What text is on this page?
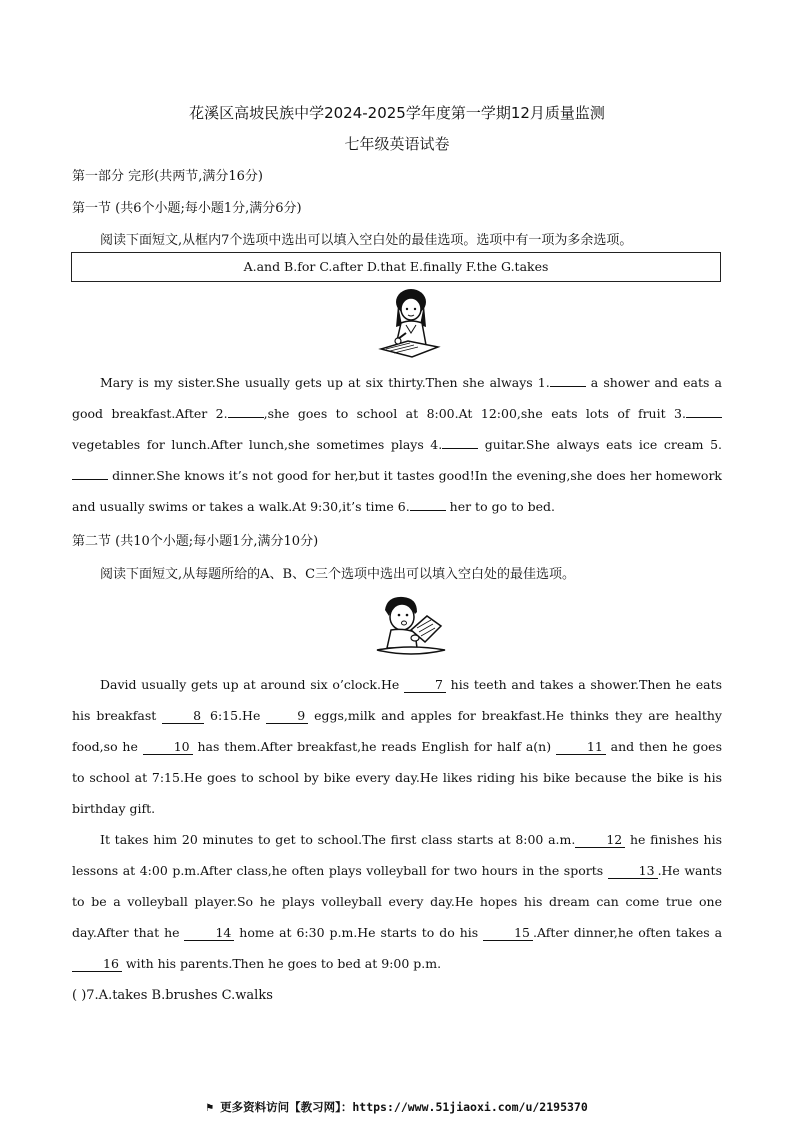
花溪区高坡民族中学2024-2025学年度第一学期12月质量监测
七年级英语试卷
第一部分 完形(共两节,满分16分)
第一节 (共6个小题;每小题1分,满分6分)
阅读下面短文,从框内7个选项中选出可以填入空白处的最佳选项。选项中有一项为多余选项。
A.and B.for C.after D.that E.finally F.the G.takes

Mary is my sister.She usually gets up at six thirty.Then she always 1.	a shower and eats a good breakfast.After 2.	,she goes to school at 8:00.At 12:00,she eats lots of fruit 3. vegetables for lunch.After lunch,she sometimes plays 4.	guitar.She always eats ice cream 5. dinner.She knows it’s not good for her,but it tastes good!In the evening,she does her homework and usually swims or takes a walk.At 9:30,it’s time 6.	her to go to bed.

第二节 (共10个小题;每小题1分,满分10分)
阅读下面短文,从每题所给的A、B、C三个选项中选出可以填入空白处的最佳选项。

David usually gets up at around six o’clock.He 7 his teeth and takes a shower.Then he eats his breakfast 8 6:15.He 9 eggs,milk and apples for breakfast.He thinks they are healthy food,so he 10 has them.After breakfast,he reads English for half a(n) 11 and then he goes to school at 7:15.He goes to school by bike every day.He likes riding his bike because the bike is his birthday gift.

It takes him 20 minutes to get to school.The first class starts at 8:00 a.m. 12 he finishes his lessons at 4:00 p.m.After class,he often plays volleyball for two hours in the sports 13 .He wants to be a volleyball player.So he plays volleyball every day.He hopes his dream can come true one day.After that he 14 home at 6:30 p.m.He starts to do his 15 .After dinner,he often takes a 16 with his parents.Then he goes to bed at 9:00 p.m.

( )7.A.takes B.brushes C.walks
⚑ 更多资料访问【教习网】：https://www.51jiaoxi.com/u/2195370
